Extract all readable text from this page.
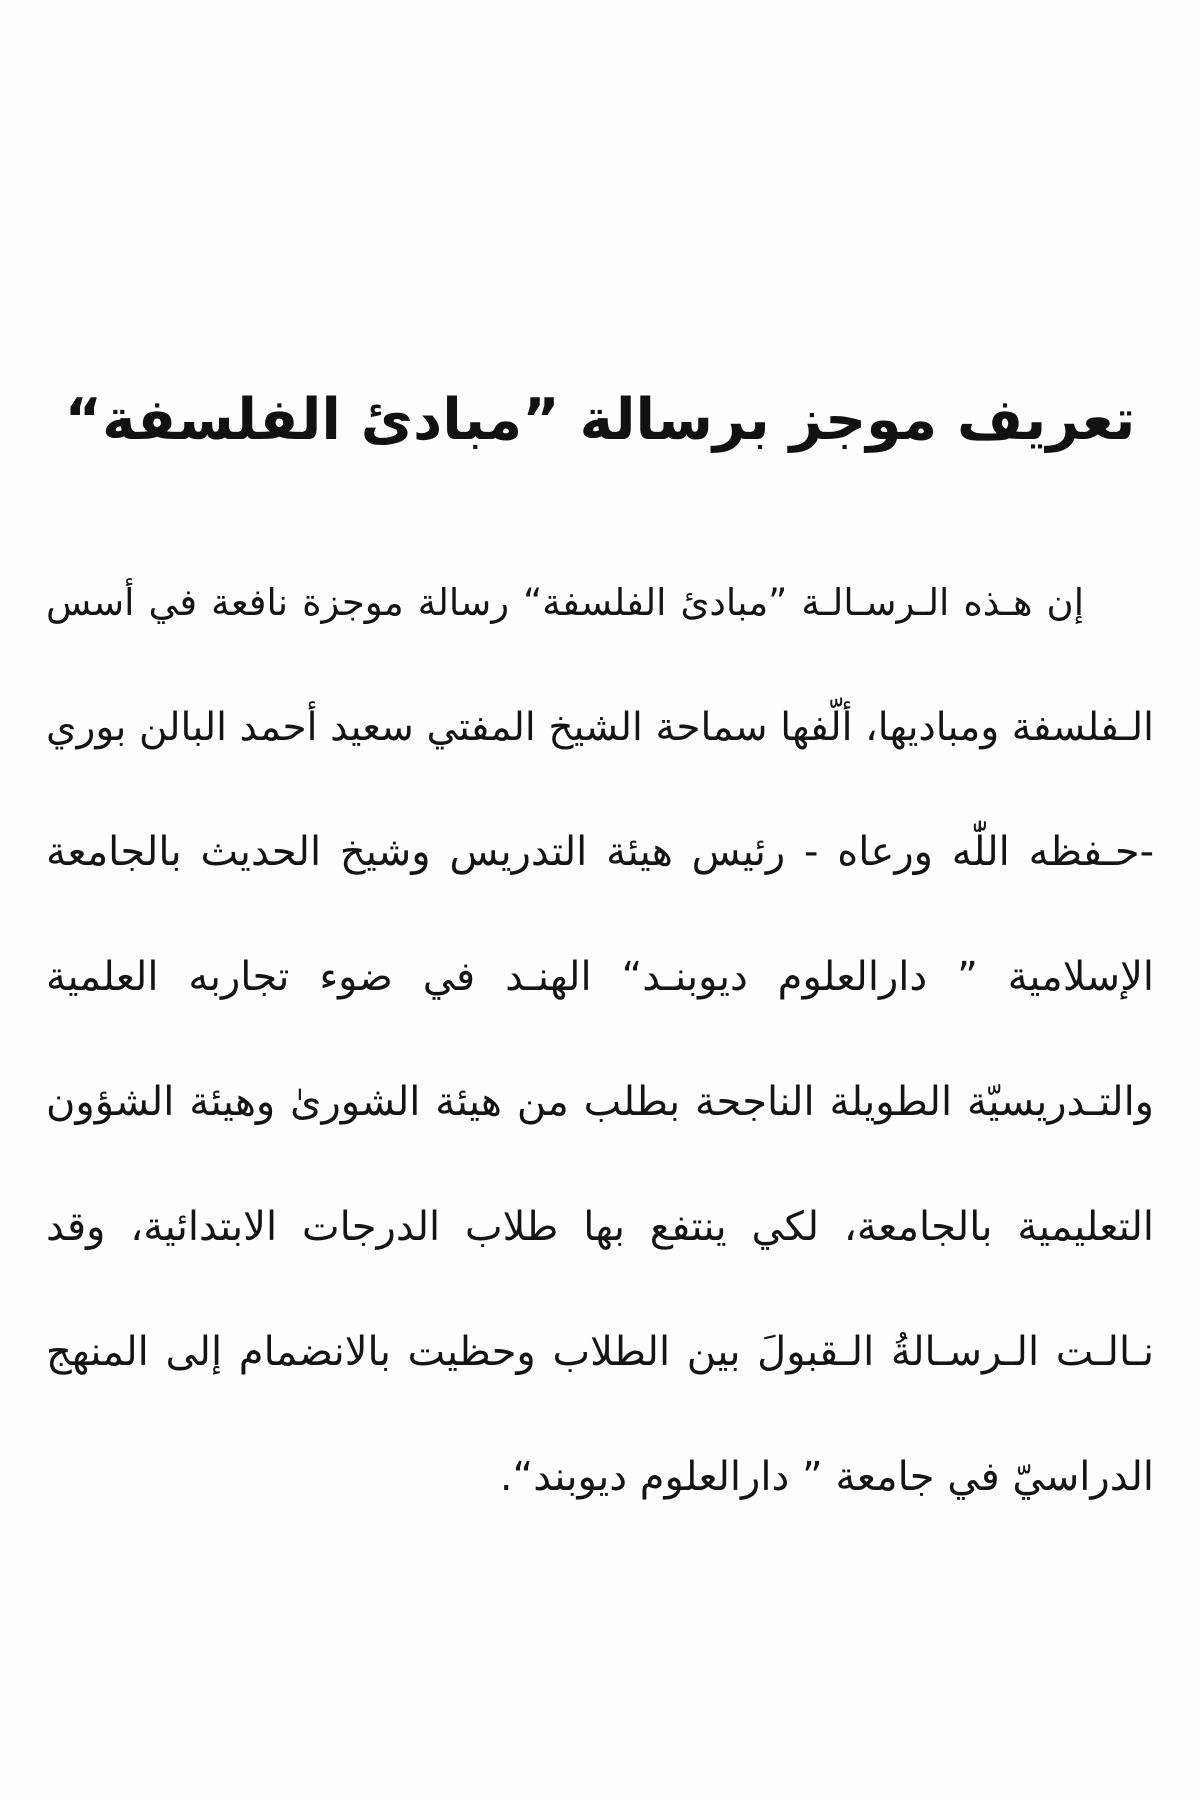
تعريف موجز برسالة ”مبادئ الفلسفة“
إن هـذه الـرسـالـة ”مبادئ الفلسفة“ رسالة موجزة نافعة في أسس
الـفلسفة ومباديها، ألّفها سماحة الشيخ المفتي سعيد أحمد البالن بوري
-حـفظه اللّٰه ورعاه - رئيس هيئة التدريس وشيخ الحديث بالجامعة
الإسلامية ” دارالعلوم ديوبنـد“ الهنـد في ضوء تجاربه العلمية
والتـدريسيّة الطويلة الناجحة بطلب من هيئة الشورىٰ وهيئة الشؤون
التعليمية بالجامعة، لكي ينتفع بها طلاب الدرجات الابتدائية، وقد
نـالـت الـرسـالةُ الـقبولَ بين الطلاب وحظيت بالانضمام إلى المنهج
الدراسيّ في جامعة ” دارالعلوم ديوبند“.
